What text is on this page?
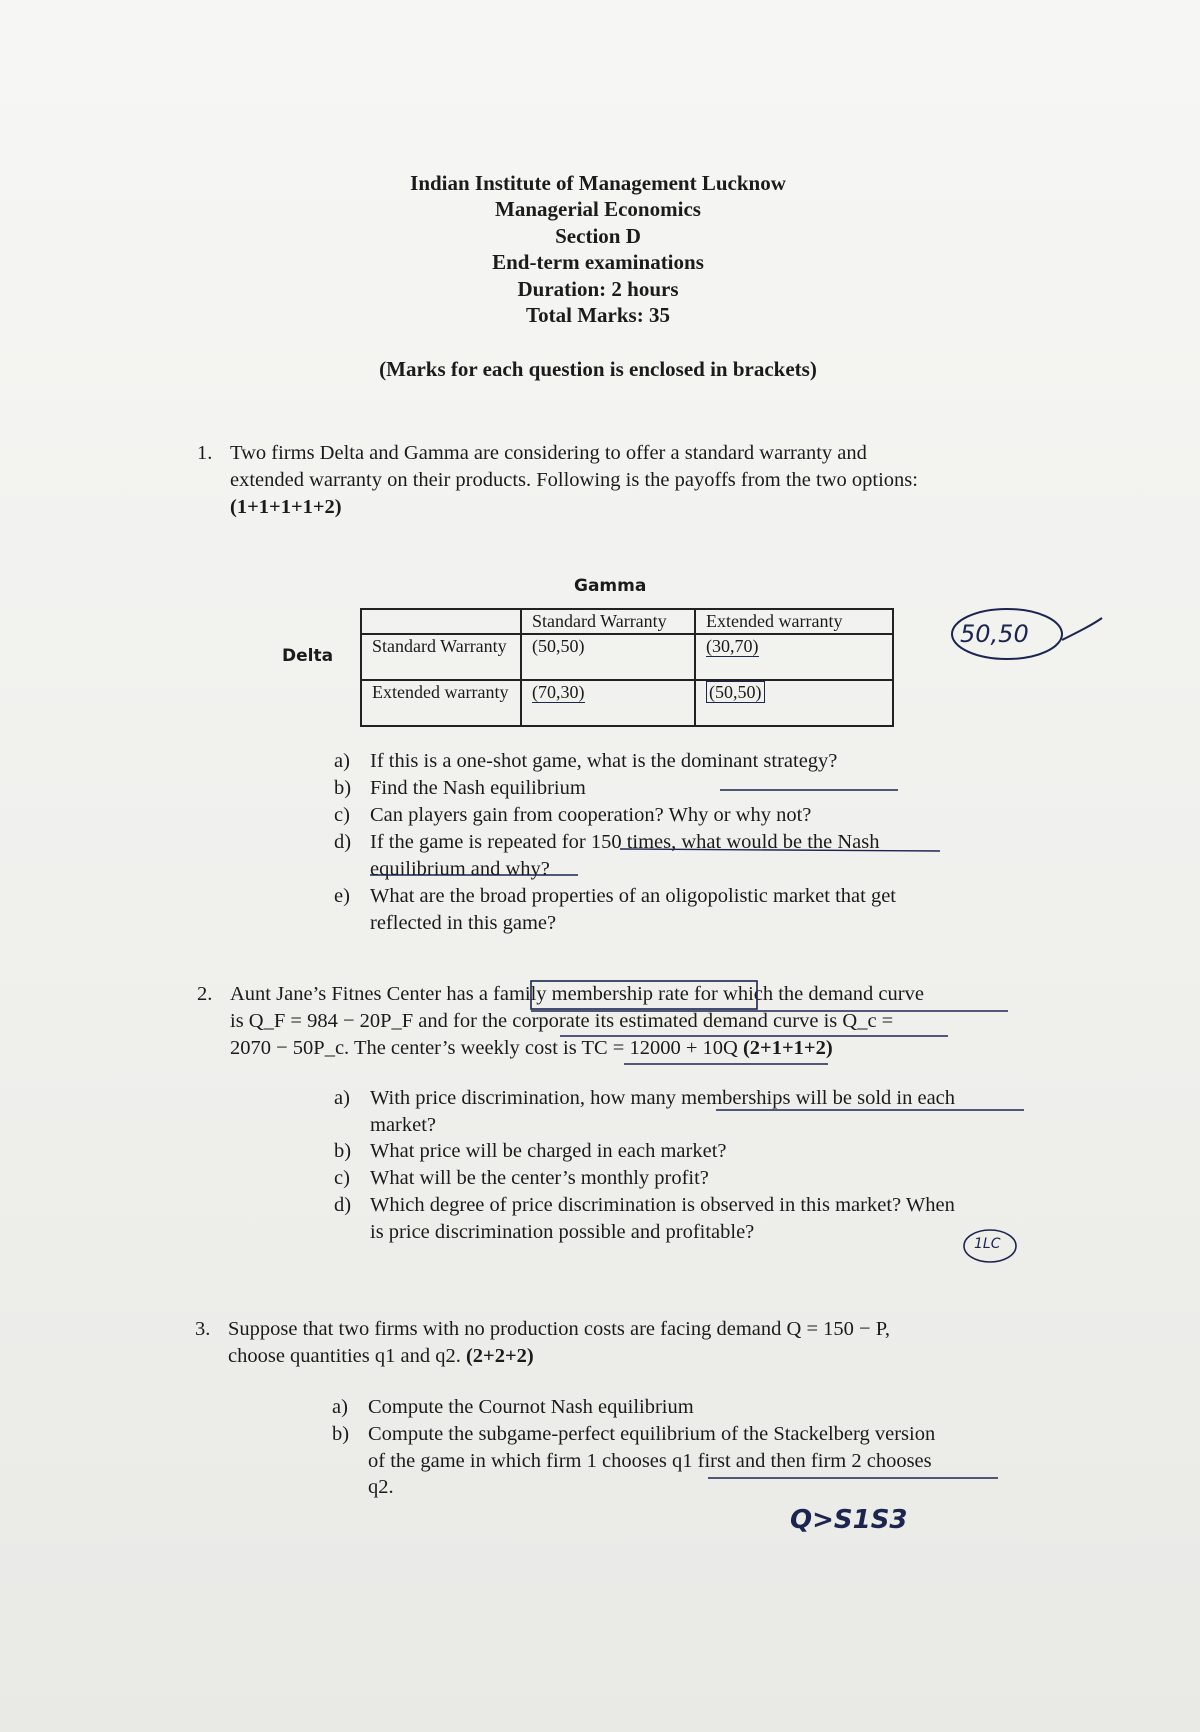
Indian Institute of Management Lucknow
Managerial Economics
Section D
End-term examinations
Duration: 2 hours
Total Marks: 35
(Marks for each question is enclosed in brackets)
1. Two firms Delta and Gamma are considering to offer a standard warranty and
extended warranty on their products. Following is the payoffs from the two options:
(1+1+1+1+2)
Gamma
Delta
	Standard Warranty	Extended warranty
Standard Warranty	(50,50)	(30,70)
Extended warranty	(70,30)	(50,50)
a) If this is a one-shot game, what is the dominant strategy?
b) Find the Nash equilibrium
c) Can players gain from cooperation? Why or why not?
d) If the game is repeated for 150 times, what would be the Nash
equilibrium and why?
e) What are the broad properties of an oligopolistic market that get
reflected in this game?
2. Aunt Jane’s Fitnes Center has a family membership rate for which the demand curve
is Q_F = 984 − 20P_F and for the corporate its estimated demand curve is Q_c =
2070 − 50P_c. The center’s weekly cost is TC = 12000 + 10Q (2+1+1+2)
a) With price discrimination, how many memberships will be sold in each
market?
b) What price will be charged in each market?
c) What will be the center’s monthly profit?
d) Which degree of price discrimination is observed in this market? When
is price discrimination possible and profitable?
3. Suppose that two firms with no production costs are facing demand Q = 150 − P,
choose quantities q1 and q2. (2+2+2)
a) Compute the Cournot Nash equilibrium
b) Compute the subgame-perfect equilibrium of the Stackelberg version
of the game in which firm 1 chooses q1 first and then firm 2 chooses
q2.
50,50
1LC
Q>S1S3
